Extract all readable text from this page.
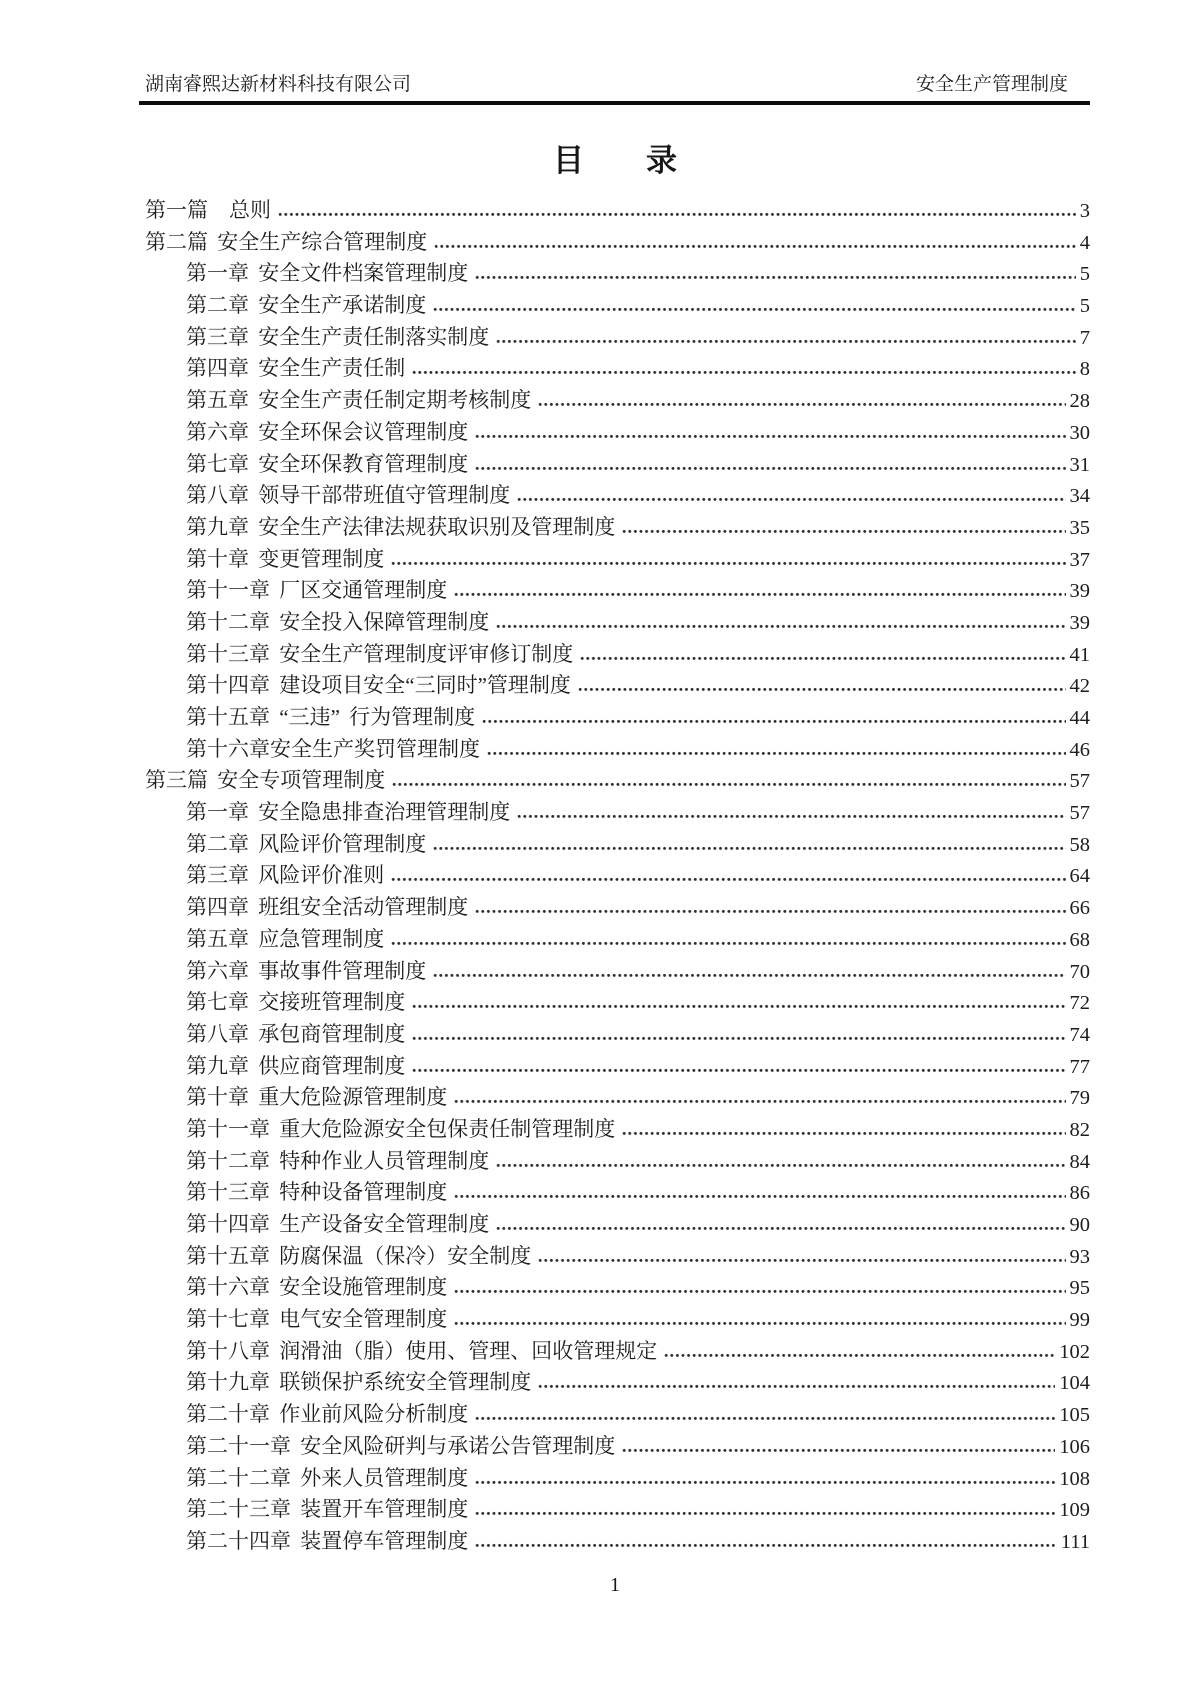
湖南睿熙达新材料科技有限公司	安全生产管理制度
目　　录
第一篇　总则	3
第二篇 安全生产综合管理制度	4
第一章 安全文件档案管理制度	5
第二章 安全生产承诺制度	5
第三章 安全生产责任制落实制度	7
第四章 安全生产责任制	8
第五章 安全生产责任制定期考核制度	28
第六章 安全环保会议管理制度	30
第七章 安全环保教育管理制度	31
第八章 领导干部带班值守管理制度	34
第九章 安全生产法律法规获取识别及管理制度	35
第十章 变更管理制度	37
第十一章 厂区交通管理制度	39
第十二章 安全投入保障管理制度	39
第十三章 安全生产管理制度评审修订制度	41
第十四章 建设项目安全“三同时”管理制度	42
第十五章 “三违” 行为管理制度	44
第十六章安全生产奖罚管理制度	46
第三篇 安全专项管理制度	57
第一章 安全隐患排查治理管理制度	57
第二章 风险评价管理制度	58
第三章 风险评价准则	64
第四章 班组安全活动管理制度	66
第五章 应急管理制度	68
第六章 事故事件管理制度	70
第七章 交接班管理制度	72
第八章 承包商管理制度	74
第九章 供应商管理制度	77
第十章 重大危险源管理制度	79
第十一章 重大危险源安全包保责任制管理制度	82
第十二章 特种作业人员管理制度	84
第十三章 特种设备管理制度	86
第十四章 生产设备安全管理制度	90
第十五章 防腐保温（保冷）安全制度	93
第十六章 安全设施管理制度	95
第十七章 电气安全管理制度	99
第十八章 润滑油（脂）使用、管理、回收管理规定	102
第十九章 联锁保护系统安全管理制度	104
第二十章 作业前风险分析制度	105
第二十一章 安全风险研判与承诺公告管理制度	106
第二十二章 外来人员管理制度	108
第二十三章 装置开车管理制度	109
第二十四章 装置停车管理制度	111
1
